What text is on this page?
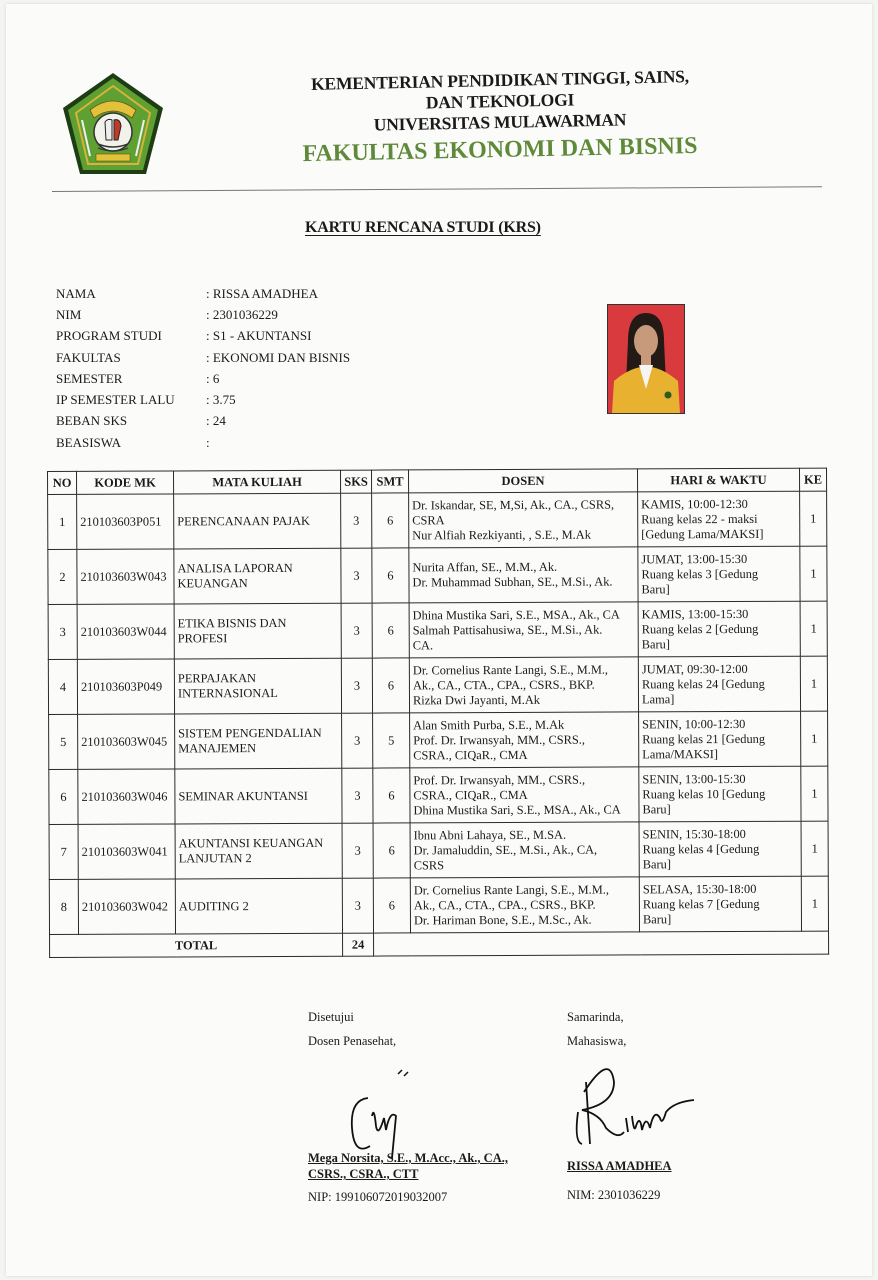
KEMENTERIAN PENDIDIKAN TINGGI, SAINS,
DAN TEKNOLOGI
UNIVERSITAS MULAWARMAN
FAKULTAS EKONOMI DAN BISNIS
KARTU RENCANA STUDI (KRS)
NAMA	: RISSA AMADHEA
NIM	: 2301036229
PROGRAM STUDI	: S1 - AKUNTANSI
FAKULTAS	: EKONOMI DAN BISNIS
SEMESTER	: 6
IP SEMESTER LALU	: 3.75
BEBAN SKS	: 24
BEASISWA	:
NO	KODE MK	MATA KULIAH	SKS	SMT	DOSEN	HARI & WAKTU	KE
1	210103603P051	PERENCANAAN PAJAK	3	6	Dr. Iskandar, SE, M,Si, Ak., CA., CSRS,
CSRA
Nur Alfiah Rezkiyanti, , S.E., M.Ak	KAMIS, 10:00-12:30
Ruang kelas 22 - maksi
[Gedung Lama/MAKSI]	1
2	210103603W043	ANALISA LAPORAN
KEUANGAN	3	6	Nurita Affan, SE., M.M., Ak.
Dr. Muhammad Subhan, SE., M.Si., Ak.	JUMAT, 13:00-15:30
Ruang kelas 3 [Gedung
Baru]	1
3	210103603W044	ETIKA BISNIS DAN
PROFESI	3	6	Dhina Mustika Sari, S.E., MSA., Ak., CA
Salmah Pattisahusiwa, SE., M.Si., Ak.
CA.	KAMIS, 13:00-15:30
Ruang kelas 2 [Gedung
Baru]	1
4	210103603P049	PERPAJAKAN
INTERNASIONAL	3	6	Dr. Cornelius Rante Langi, S.E., M.M.,
Ak., CA., CTA., CPA., CSRS., BKP.
Rizka Dwi Jayanti, M.Ak	JUMAT, 09:30-12:00
Ruang kelas 24 [Gedung
Lama]	1
5	210103603W045	SISTEM PENGENDALIAN
MANAJEMEN	3	5	Alan Smith Purba, S.E., M.Ak
Prof. Dr. Irwansyah, MM., CSRS.,
CSRA., CIQaR., CMA	SENIN, 10:00-12:30
Ruang kelas 21 [Gedung
Lama/MAKSI]	1
6	210103603W046	SEMINAR AKUNTANSI	3	6	Prof. Dr. Irwansyah, MM., CSRS.,
CSRA., CIQaR., CMA
Dhina Mustika Sari, S.E., MSA., Ak., CA	SENIN, 13:00-15:30
Ruang kelas 10 [Gedung
Baru]	1
7	210103603W041	AKUNTANSI KEUANGAN
LANJUTAN 2	3	6	Ibnu Abni Lahaya, SE., M.SA.
Dr. Jamaluddin, SE., M.Si., Ak., CA,
CSRS	SENIN, 15:30-18:00
Ruang kelas 4 [Gedung
Baru]	1
8	210103603W042	AUDITING 2	3	6	Dr. Cornelius Rante Langi, S.E., M.M.,
Ak., CA., CTA., CPA., CSRS., BKP.
Dr. Hariman Bone, S.E., M.Sc., Ak.	SELASA, 15:30-18:00
Ruang kelas 7 [Gedung
Baru]	1
TOTAL			24				
Disetujui
Dosen Penasehat,
Mega Norsita, S.E., M.Acc., Ak., CA.,
CSRS., CSRA., CTT
NIP: 199106072019032007
Samarinda,
Mahasiswa,
RISSA AMADHEA
NIM: 2301036229
